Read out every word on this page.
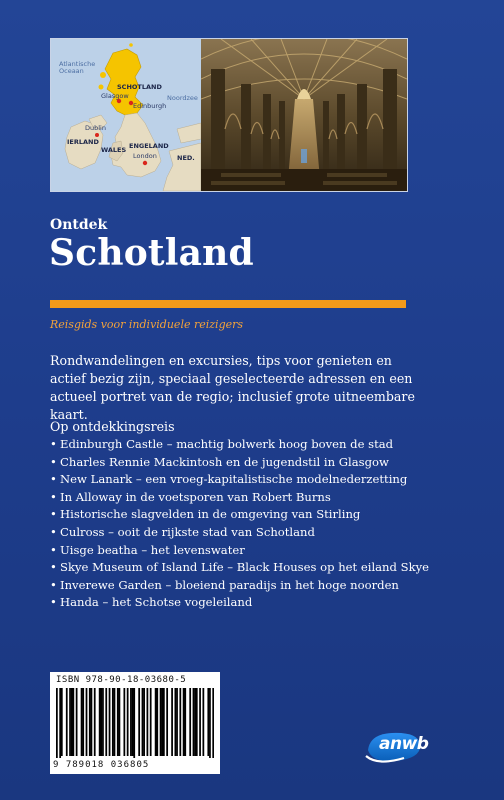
Atlantische
Oceaan
SCHOTLAND
Glasgow
Edinburgh
Noordzee
Dublin
IERLAND
WALES ENGELAND
London	NED.
Ontdek
Schotland
Reisgids voor individuele reizigers
Rondwandelingen en excursies, tips voor genieten en actief bezig zijn, speciaal geselecteerde adressen en een actueel portret van de regio; inclusief grote uitneembare kaart.
Op ontdekkingsreis
• Edinburgh Castle – machtig bolwerk hoog boven de stad
• Charles Rennie Mackintosh en de jugendstil in Glasgow
• New Lanark – een vroeg-kapitalistische modelnederzetting
• In Alloway in de voetsporen van Robert Burns
• Historische slagvelden in de omgeving van Stirling
• Culross – ooit de rijkste stad van Schotland
• Uisge beatha – het levenswater
• Skye Museum of Island Life – Black Houses op het eiland Skye
• Inverewe Garden – bloeiend paradijs in het hoge noorden
• Handa – het Schotse vogeleiland
ISBN 978-90-18-03680-5
9 789018 036805
anwb
